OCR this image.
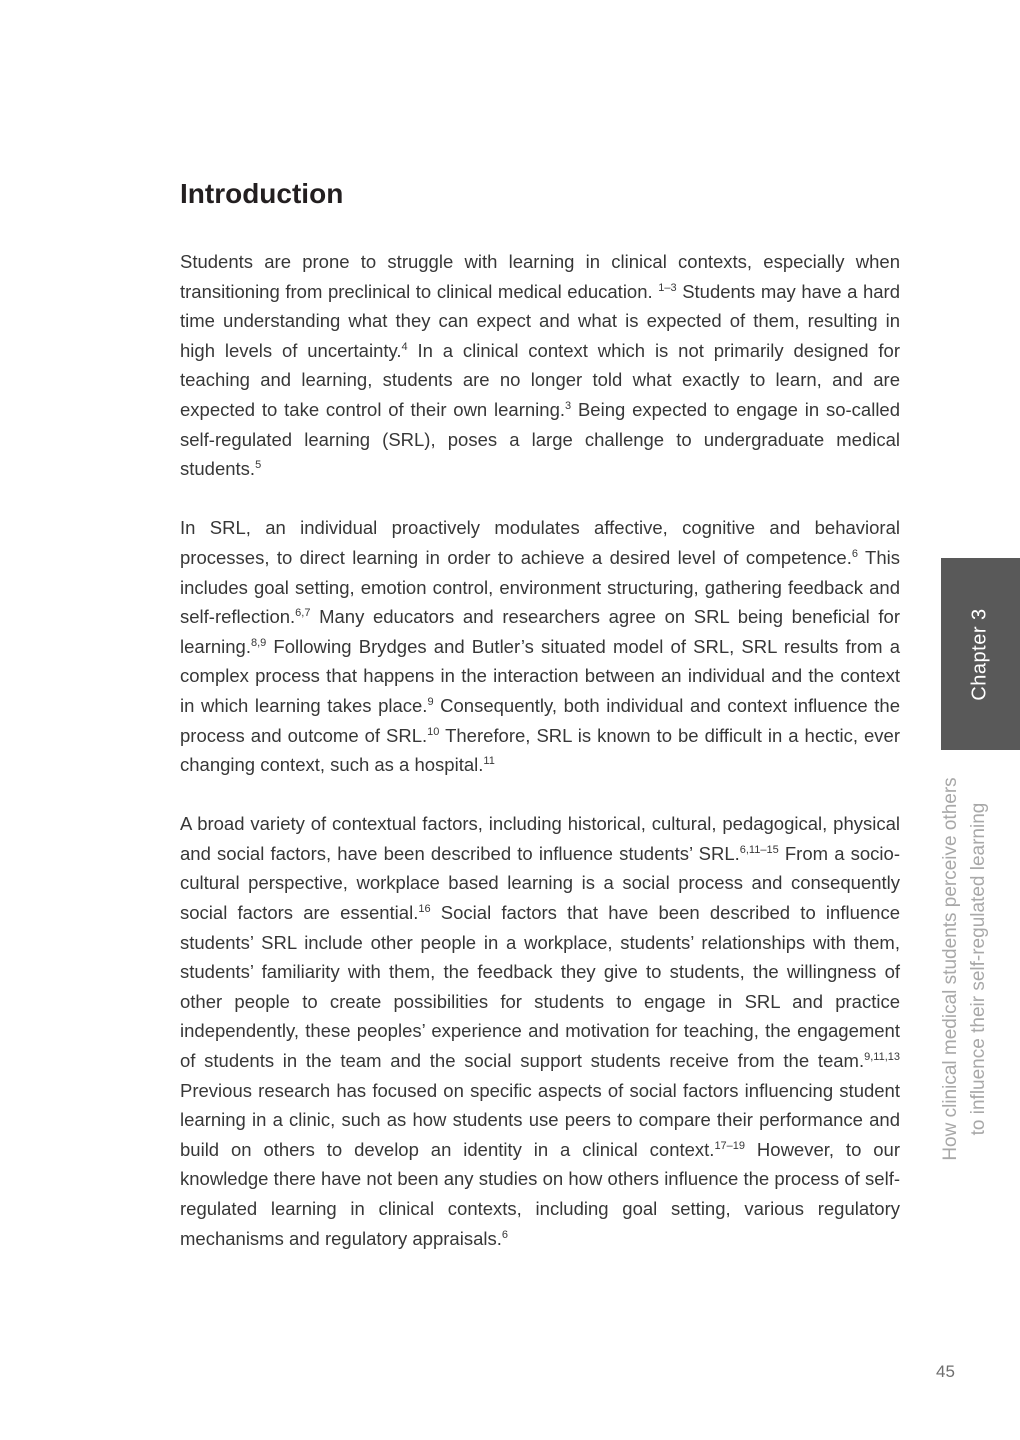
Introduction

Students are prone to struggle with learning in clinical contexts, especially when transitioning from preclinical to clinical medical education. $^{1-3}$ Students may have a hard time understanding what they can expect and what is expected of them, resulting in high levels of uncertainty.$^4$ In a clinical context which is not primarily designed for teaching and learning, students are no longer told what exactly to learn, and are expected to take control of their own learning.$^3$ Being expected to engage in so-called self-regulated learning (SRL), poses a large challenge to undergraduate medical students.$^5$

In SRL, an individual proactively modulates affective, cognitive and behavioral processes, to direct learning in order to achieve a desired level of competence.$^6$ This includes goal setting, emotion control, environment structuring, gathering feedback and self-reflection.$^{6,7}$ Many educators and researchers agree on SRL being beneficial for learning.$^{8,9}$ Following Brydges and Butler’s situated model of SRL, SRL results from a complex process that happens in the interaction between an individual and the context in which learning takes place.$^9$ Consequently, both individual and context influence the process and outcome of SRL.$^{10}$ Therefore, SRL is known to be difficult in a hectic, ever changing context, such as a hospital.$^{11}$

A broad variety of contextual factors, including historical, cultural, pedagogical, physical and social factors, have been described to influence students’ SRL.$^{6,11-15}$ From a socio-cultural perspective, workplace based learning is a social process and consequently social factors are essential.$^{16}$ Social factors that have been described to influence students’ SRL include other people in a workplace, students’ relationships with them, students’ familiarity with them, the feedback they give to students, the willingness of other people to create possibilities for students to engage in SRL and practice independently, these peoples’ experience and motivation for teaching, the engagement of students in the team and the social support students receive from the team.$^{9,11,13}$ Previous research has focused on specific aspects of social factors influencing student learning in a clinic, such as how students use peers to compare their performance and build on others to develop an identity in a clinical context.$^{17-19}$ However, to our knowledge there have not been any studies on how others influence the process of self-regulated learning in clinical contexts, including goal setting, various regulatory mechanisms and regulatory appraisals.$^6$

Chapter 3
How clinical medical students perceive others to influence their self-regulated learning
45
